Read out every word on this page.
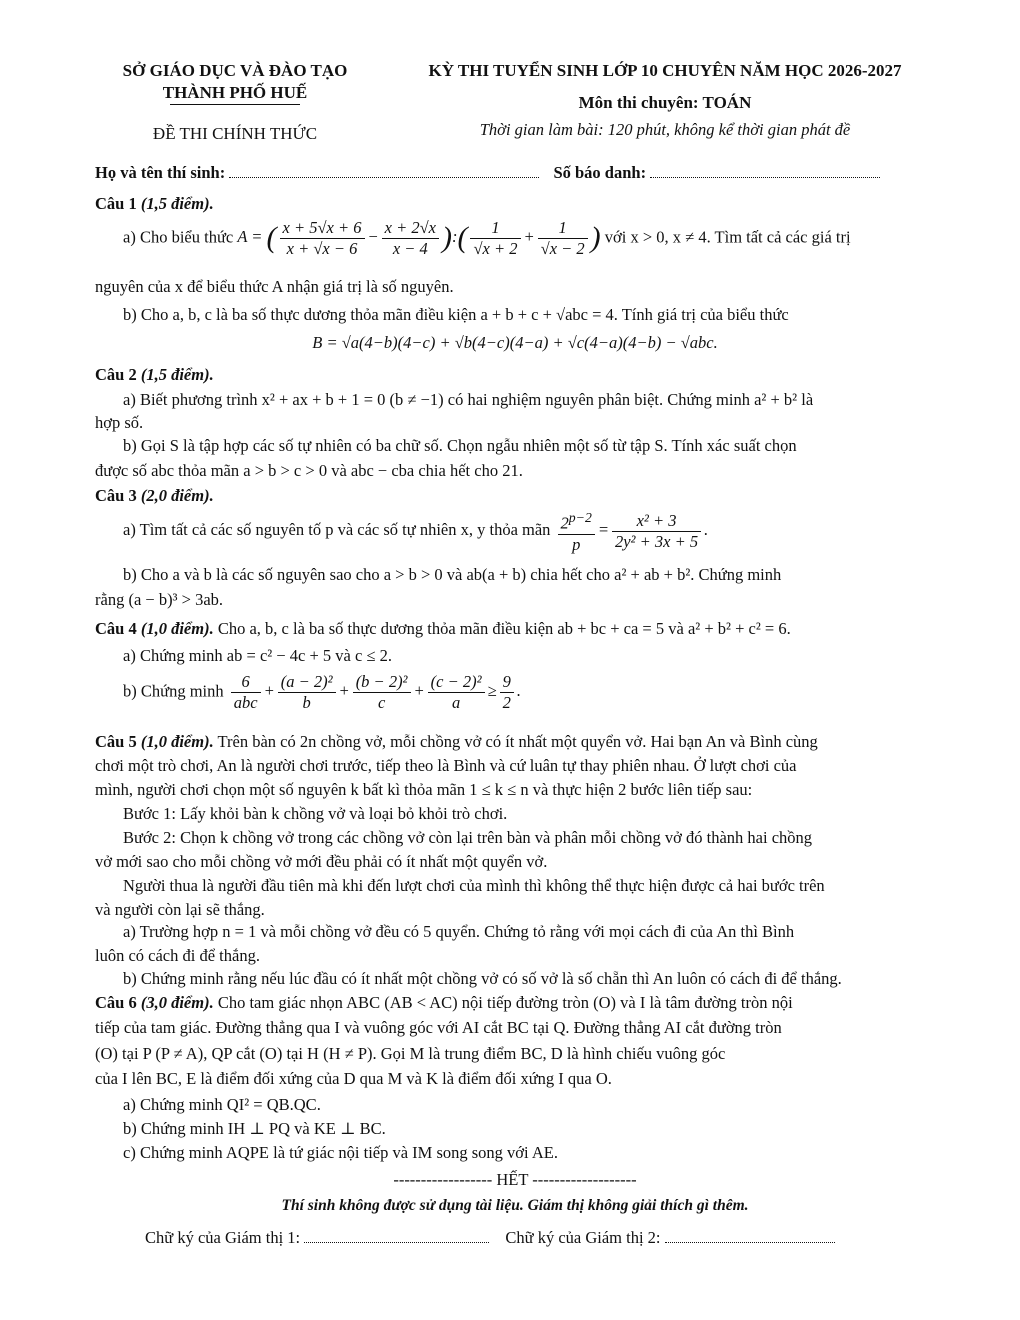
SỞ GIÁO DỤC VÀ ĐÀO TẠO
THÀNH PHỐ HUẾ
ĐỀ THI CHÍNH THỨC
KỲ THI TUYỂN SINH LỚP 10 CHUYÊN NĂM HỌC 2026-2027
Môn thi chuyên: TOÁN
Thời gian làm bài: 120 phút, không kể thời gian phát đề
Họ và tên thí sinh:	Số báo danh:
Câu 1 (1,5 điểm).
a) Cho biểu thức A = ( $\frac{x + 5√x + 6}{x + √x - 6} - \frac{x + 2√x}{x - 4}$ ):( $\frac{1}{√x + 2} + \frac{1}{√x - 2}$ ) với x > 0, x ≠ 4. Tìm tất cả các giá trị
nguyên của x để biểu thức A nhận giá trị là số nguyên.
b) Cho a, b, c là ba số thực dương thỏa mãn điều kiện a + b + c + √abc = 4. Tính giá trị của biểu thức
B = √a(4−b)(4−c) + √b(4−c)(4−a) + √c(4−a)(4−b) − √abc.
Câu 2 (1,5 điểm).
a) Biết phương trình x² + ax + b + 1 = 0 (b ≠ −1) có hai nghiệm nguyên phân biệt. Chứng minh a² + b² là
hợp số.
b) Gọi S là tập hợp các số tự nhiên có ba chữ số. Chọn ngẫu nhiên một số từ tập S. Tính xác suất chọn
được số abc thỏa mãn a > b > c > 0 và abc − cba chia hết cho 21.
Câu 3 (2,0 điểm).
a) Tìm tất cả các số nguyên tố p và các số tự nhiên x, y thỏa mãn $\frac{2^{p-2}}{p} = \frac{\text{x² + 3}}{\text{2y² + 3x + 5}}$ .
b) Cho a và b là các số nguyên sao cho a > b > 0 và ab(a + b) chia hết cho a² + ab + b². Chứng minh
rằng (a − b)³ > 3ab.
Câu 4 (1,0 điểm). Cho a, b, c là ba số thực dương thỏa mãn điều kiện ab + bc + ca = 5 và a² + b² + c² = 6.
a) Chứng minh ab = c² − 4c + 5 và c ≤ 2.
b) Chứng minh $\frac{6}{\text{abc}} + \frac{\text{(a − 2)²}}{b} + \frac{\text{(b − 2)²}}{c} + \frac{\text{(c − 2)²}}{a} \ge \frac{9}{2}$ .
Câu 5 (1,0 điểm). Trên bàn có 2n chồng vở, mỗi chồng vở có ít nhất một quyển vở. Hai bạn An và Bình cùng
chơi một trò chơi, An là người chơi trước, tiếp theo là Bình và cứ luân tự thay phiên nhau. Ở lượt chơi của
mình, người chơi chọn một số nguyên k bất kì thỏa mãn 1 ≤ k ≤ n và thực hiện 2 bước liên tiếp sau:
Bước 1: Lấy khỏi bàn k chồng vở và loại bỏ khỏi trò chơi.
Bước 2: Chọn k chồng vở trong các chồng vở còn lại trên bàn và phân mỗi chồng vở đó thành hai chồng
vở mới sao cho mỗi chồng vở mới đều phải có ít nhất một quyển vở.
Người thua là người đầu tiên mà khi đến lượt chơi của mình thì không thể thực hiện được cả hai bước trên
và người còn lại sẽ thắng.
a) Trường hợp n = 1 và mỗi chồng vở đều có 5 quyển. Chứng tỏ rằng với mọi cách đi của An thì Bình
luôn có cách đi để thắng.
b) Chứng minh rằng nếu lúc đầu có ít nhất một chồng vở có số vở là số chẵn thì An luôn có cách đi để thắng.
Câu 6 (3,0 điểm). Cho tam giác nhọn ABC (AB < AC) nội tiếp đường tròn (O) và I là tâm đường tròn nội
tiếp của tam giác. Đường thẳng qua I và vuông góc với AI cắt BC tại Q. Đường thẳng AI cắt đường tròn
(O) tại P (P ≠ A), QP cắt (O) tại H (H ≠ P). Gọi M là trung điểm BC, D là hình chiếu vuông góc
của I lên BC, E là điểm đối xứng của D qua M và K là điểm đối xứng I qua O.
a) Chứng minh QI² = QB.QC.
b) Chứng minh IH ⊥ PQ và KE ⊥ BC.
c) Chứng minh AQPE là tứ giác nội tiếp và IM song song với AE.
------------------ HẾT -------------------
Thí sinh không được sử dụng tài liệu. Giám thị không giải thích gì thêm.
Chữ ký của Giám thị 1:	Chữ ký của Giám thị 2:
